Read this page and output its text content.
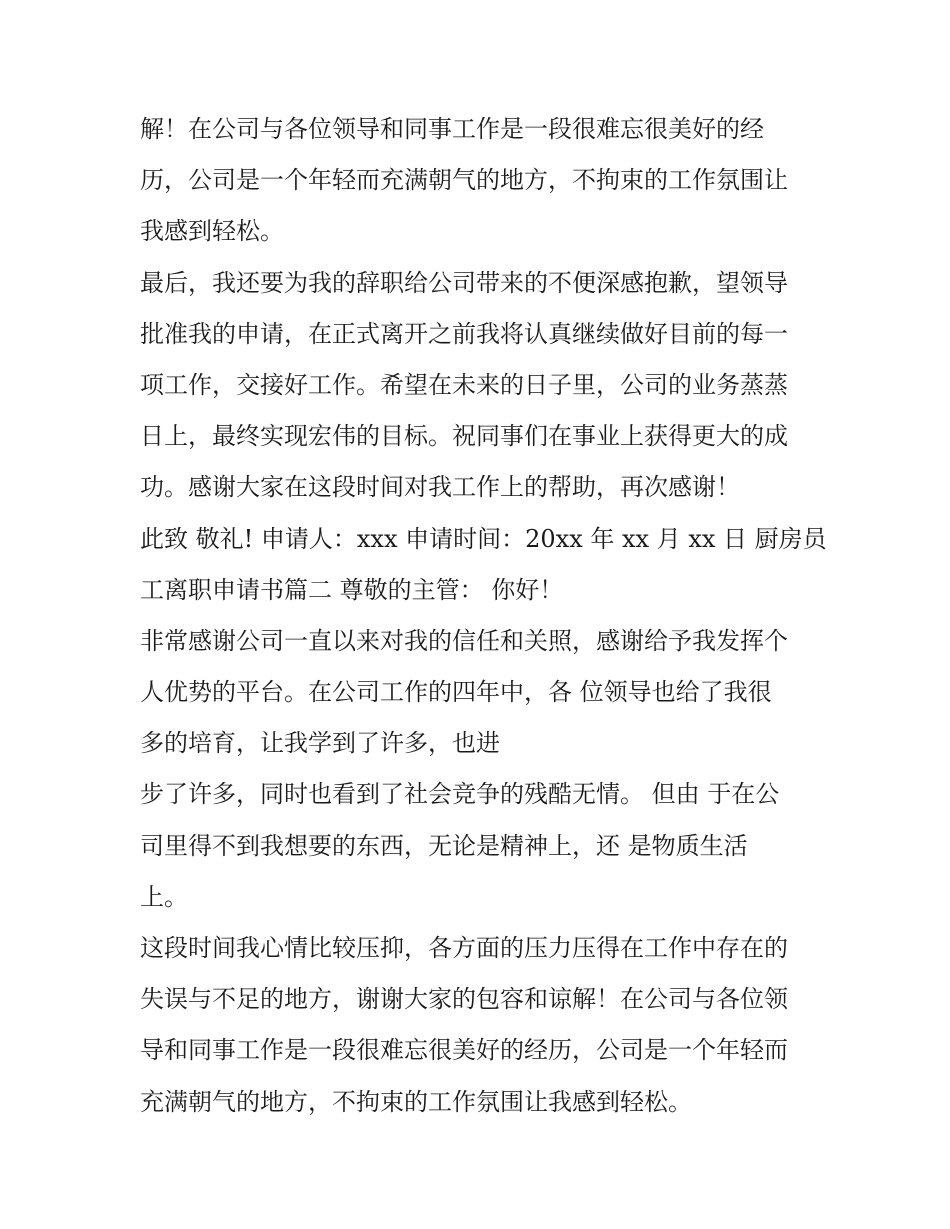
解！在公司与各位领导和同事工作是一段很难忘很美好的经
历，公司是一个年轻而充满朝气的地方，不拘束的工作氛围让
我感到轻松。
最后，我还要为我的辞职给公司带来的不便深感抱歉，望领导
批准我的申请，在正式离开之前我将认真继续做好目前的每一
项工作，交接好工作。希望在未来的日子里，公司的业务蒸蒸
日上，最终实现宏伟的目标。祝同事们在事业上获得更大的成
功。感谢大家在这段时间对我工作上的帮助，再次感谢！
此致 敬礼! 申请人：xxx 申请时间：20xx 年 xx 月 xx 日 厨房员
工离职申请书篇二 尊敬的主管： 你好！
非常感谢公司一直以来对我的信任和关照，感谢给予我发挥个
人优势的平台。在公司工作的四年中，各 位领导也给了我很
多的培育，让我学到了许多，也进
步了许多，同时也看到了社会竞争的残酷无情。 但由 于在公
司里得不到我想要的东西，无论是精神上，还 是物质生活
上。
这段时间我心情比较压抑，各方面的压力压得在工作中存在的
失误与不足的地方，谢谢大家的包容和谅解！在公司与各位领
导和同事工作是一段很难忘很美好的经历，公司是一个年轻而
充满朝气的地方，不拘束的工作氛围让我感到轻松。
